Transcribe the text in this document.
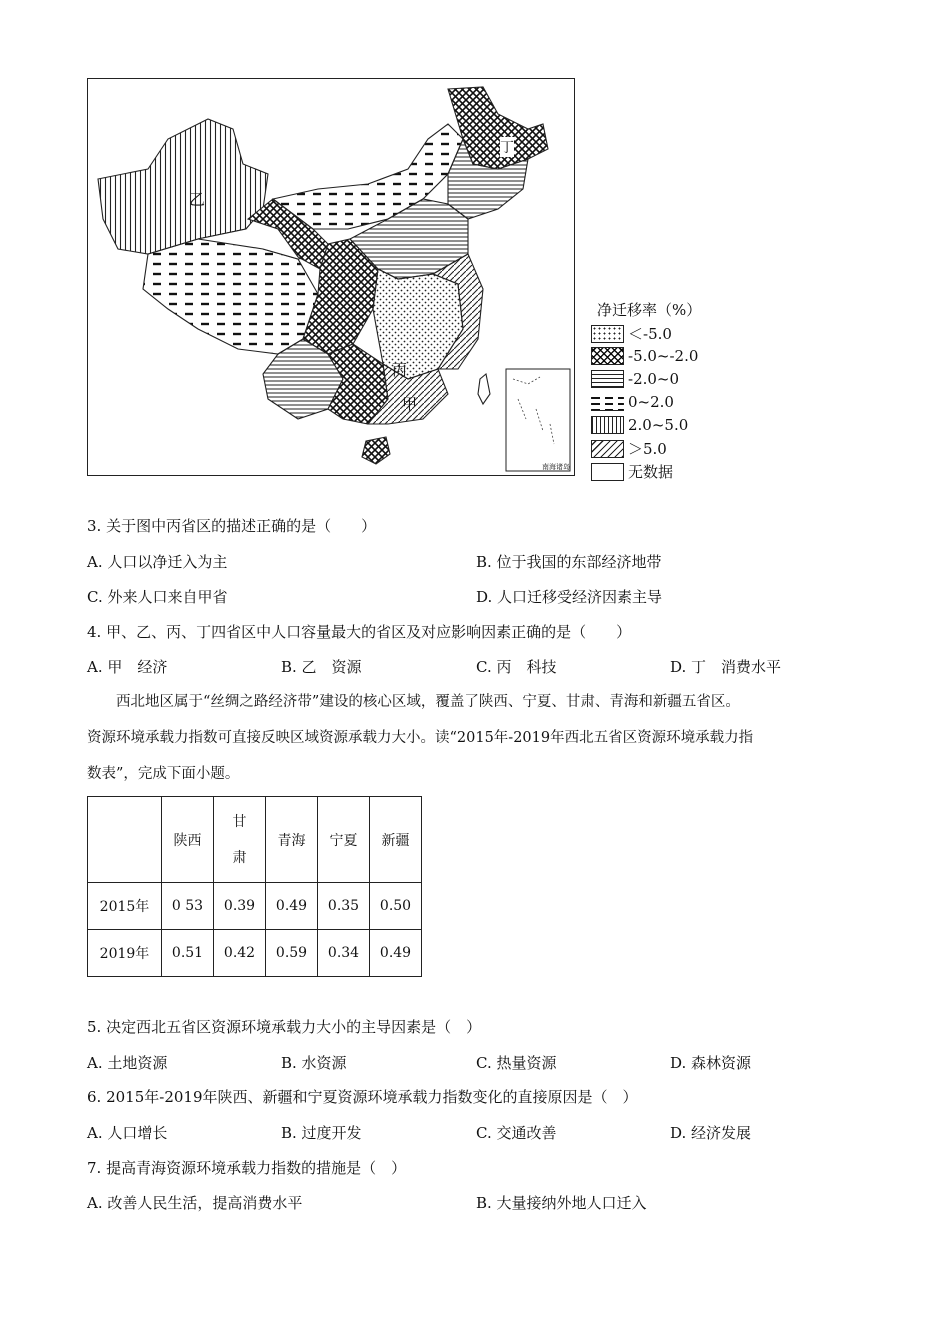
乙
丙
甲
丁
南海诸岛
净迁移率（%）
＜-5.0
-5.0~-2.0
-2.0~0
0~2.0
2.0~5.0
＞5.0
无数据
3. 关于图中丙省区的描述正确的是（　　）
A. 人口以净迁入为主	B. 位于我国的东部经济地带
C. 外来人口来自甲省	D. 人口迁移受经济因素主导
4. 甲、乙、丙、丁四省区中人口容量最大的省区及对应影响因素正确的是（　　）
A. 甲　经济	B. 乙　资源	C. 丙　科技	D. 丁　消费水平
西北地区属于“丝绸之路经济带”建设的核心区域，覆盖了陕西、宁夏、甘肃、青海和新疆五省区。
资源环境承载力指数可直接反映区域资源承载力大小。读“2015年-2019年西北五省区资源环境承载力指
数表”，完成下面小题。
	陕西	甘
肃	青海	宁夏	新疆
2015年	0 53	0.39	0.49	0.35	0.50
2019年	0.51	0.42	0.59	0.34	0.49
5. 决定西北五省区资源环境承载力大小的主导因素是（　）
A. 土地资源	B. 水资源	C. 热量资源	D. 森林资源
6. 2015年-2019年陕西、新疆和宁夏资源环境承载力指数变化的直接原因是（　）
A. 人口增长	B. 过度开发	C. 交通改善	D. 经济发展
7. 提高青海资源环境承载力指数的措施是（　）
A. 改善人民生活，提高消费水平	B. 大量接纳外地人口迁入
